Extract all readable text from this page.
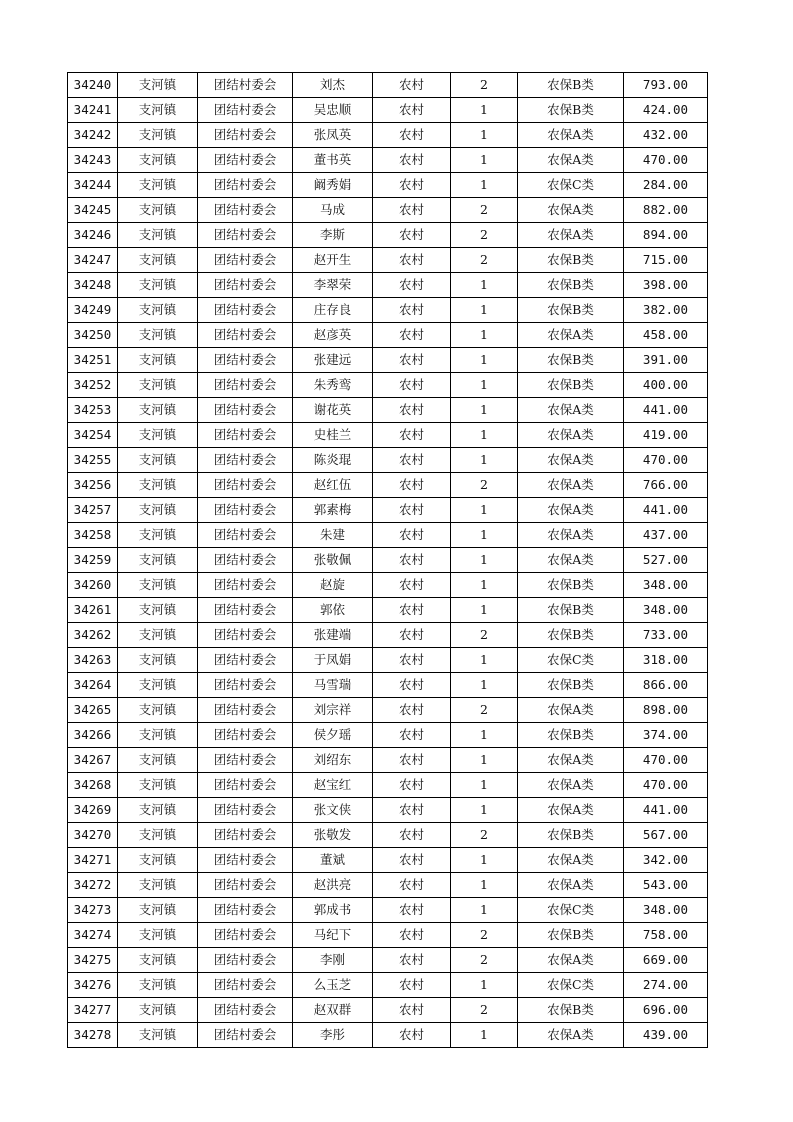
34240	支河镇	团结村委会	刘杰	农村	2	农保B类	793.00
34241	支河镇	团结村委会	吴忠顺	农村	1	农保B类	424.00
34242	支河镇	团结村委会	张凤英	农村	1	农保A类	432.00
34243	支河镇	团结村委会	董书英	农村	1	农保A类	470.00
34244	支河镇	团结村委会	阚秀娟	农村	1	农保C类	284.00
34245	支河镇	团结村委会	马成	农村	2	农保A类	882.00
34246	支河镇	团结村委会	李斯	农村	2	农保A类	894.00
34247	支河镇	团结村委会	赵开生	农村	2	农保B类	715.00
34248	支河镇	团结村委会	李翠荣	农村	1	农保B类	398.00
34249	支河镇	团结村委会	庄存良	农村	1	农保B类	382.00
34250	支河镇	团结村委会	赵彦英	农村	1	农保A类	458.00
34251	支河镇	团结村委会	张建远	农村	1	农保B类	391.00
34252	支河镇	团结村委会	朱秀鸾	农村	1	农保B类	400.00
34253	支河镇	团结村委会	谢花英	农村	1	农保A类	441.00
34254	支河镇	团结村委会	史桂兰	农村	1	农保A类	419.00
34255	支河镇	团结村委会	陈炎琨	农村	1	农保A类	470.00
34256	支河镇	团结村委会	赵红伍	农村	2	农保A类	766.00
34257	支河镇	团结村委会	郭素梅	农村	1	农保A类	441.00
34258	支河镇	团结村委会	朱建	农村	1	农保A类	437.00
34259	支河镇	团结村委会	张敬佩	农村	1	农保A类	527.00
34260	支河镇	团结村委会	赵旋	农村	1	农保B类	348.00
34261	支河镇	团结村委会	郭依	农村	1	农保B类	348.00
34262	支河镇	团结村委会	张建端	农村	2	农保B类	733.00
34263	支河镇	团结村委会	于凤娟	农村	1	农保C类	318.00
34264	支河镇	团结村委会	马雪瑞	农村	1	农保B类	866.00
34265	支河镇	团结村委会	刘宗祥	农村	2	农保A类	898.00
34266	支河镇	团结村委会	侯夕瑶	农村	1	农保B类	374.00
34267	支河镇	团结村委会	刘绍东	农村	1	农保A类	470.00
34268	支河镇	团结村委会	赵宝红	农村	1	农保A类	470.00
34269	支河镇	团结村委会	张文侠	农村	1	农保A类	441.00
34270	支河镇	团结村委会	张敬发	农村	2	农保B类	567.00
34271	支河镇	团结村委会	董斌	农村	1	农保A类	342.00
34272	支河镇	团结村委会	赵洪亮	农村	1	农保A类	543.00
34273	支河镇	团结村委会	郭成书	农村	1	农保C类	348.00
34274	支河镇	团结村委会	马纪下	农村	2	农保B类	758.00
34275	支河镇	团结村委会	李刚	农村	2	农保A类	669.00
34276	支河镇	团结村委会	么玉芝	农村	1	农保C类	274.00
34277	支河镇	团结村委会	赵双群	农村	2	农保B类	696.00
34278	支河镇	团结村委会	李彤	农村	1	农保A类	439.00
